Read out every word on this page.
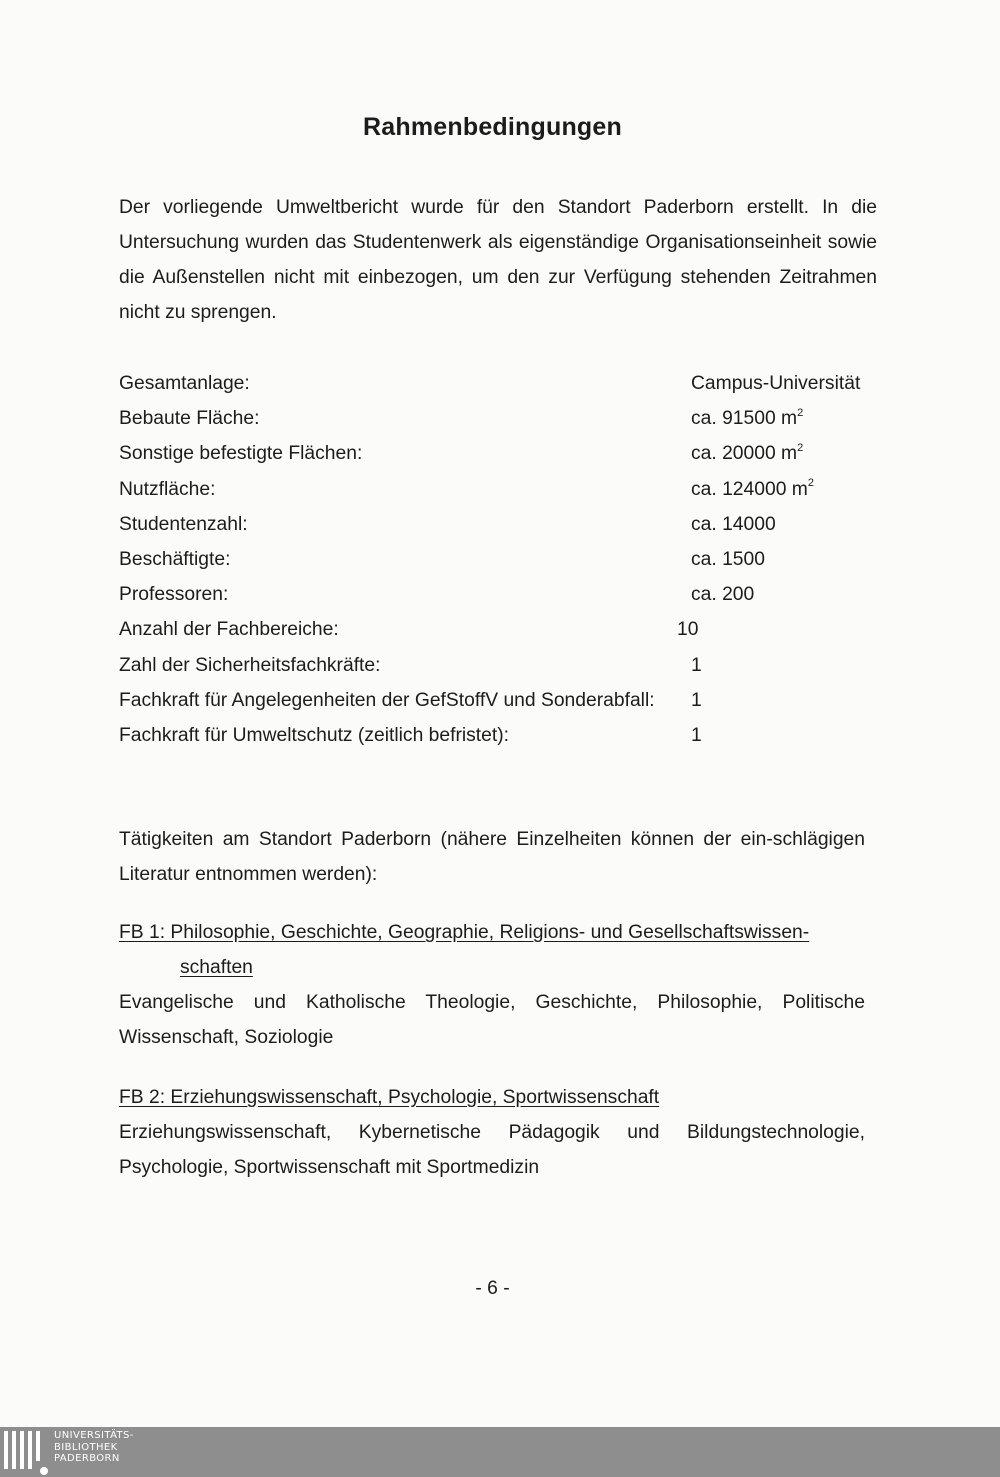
Rahmenbedingungen

Der vorliegende Umweltbericht wurde für den Standort Paderborn erstellt. In die Untersuchung wurden das Studentenwerk als eigenständige Organisationseinheit sowie die Außenstellen nicht mit einbezogen, um den zur Verfügung stehenden Zeitrahmen nicht zu sprengen.

Gesamtanlage:	Campus-Universität
Bebaute Fläche:	ca. 91500 $m^2$
Sonstige befestigte Flächen:	ca. 20000 $m^2$
Nutzfläche:	ca. 124000 $m^2$
Studentenzahl:	ca. 14000
Beschäftigte:	ca. 1500
Professoren:	ca. 200
Anzahl der Fachbereiche:	10
Zahl der Sicherheitsfachkräfte:	1
Fachkraft für Angelegenheiten der GefStoffV und Sonderabfall: 1
Fachkraft für Umweltschutz (zeitlich befristet):	1

Tätigkeiten am Standort Paderborn (nähere Einzelheiten können der ein-schlägigen Literatur entnommen werden):

FB 1: Philosophie, Geschichte, Geographie, Religions- und Gesellschaftswissen-

schaften

Evangelische und Katholische Theologie, Geschichte, Philosophie, Politische Wissenschaft, Soziologie

FB 2: Erziehungswissenschaft, Psychologie, Sportwissenschaft

Erziehungswissenschaft, Kybernetische Pädagogik und Bildungstechnologie, Psychologie, Sportwissenschaft mit Sportmedizin

- 6 -
UNIVERSITÄTS-
BIBLIOTHEK
PADERBORN
